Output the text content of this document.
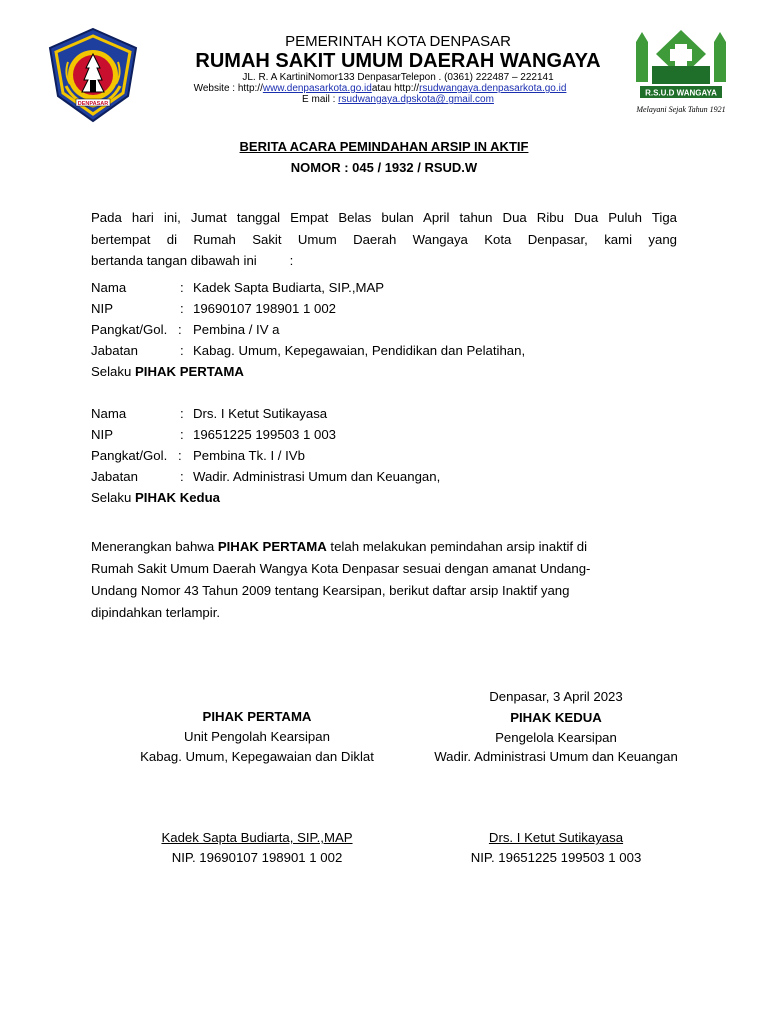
DENPASAR
R.S.U.D WANGAYA
Melayani Sejak Tahun 1921
PEMERINTAH KOTA DENPASAR
RUMAH SAKIT UMUM DAERAH WANGAYA
JL. R. A KartiniNomor133 DenpasarTelepon . (0361) 222487 – 222141
Website : http://www.denpasarkota.go.idatau http://rsudwangaya.denpasarkota.go.id
E mail : rsudwangaya.dpskota@.gmail.com
BERITA ACARA PEMINDAHAN ARSIP IN AKTIF
NOMOR : 045 / 1932 / RSUD.W
Pada hari ini, Jumat tanggal Empat Belas bulan April tahun Dua Ribu Dua Puluh Tiga
bertempat di Rumah Sakit Umum Daerah Wangaya Kota Denpasar, kami yang
bertanda tangan dibawah ini         :
Nama	: Kadek Sapta Budiarta, SIP.,MAP
NIP	: 19690107 198901 1 002
Pangkat/Gol. : Pembina / IV a
Jabatan	: Kabag. Umum, Kepegawaian, Pendidikan dan Pelatihan,
Selaku PIHAK PERTAMA
Nama	: Drs. I Ketut Sutikayasa
NIP	: 19651225 199503 1 003
Pangkat/Gol. : Pembina Tk. I / IVb
Jabatan	: Wadir. Administrasi Umum dan Keuangan,
Selaku PIHAK Kedua
Menerangkan bahwa PIHAK PERTAMA telah melakukan pemindahan arsip inaktif di
Rumah Sakit Umum Daerah Wangya Kota Denpasar sesuai dengan amanat Undang-
Undang Nomor 43 Tahun 2009 tentang Kearsipan, berikut daftar arsip Inaktif yang
dipindahkan terlampir.
Denpasar, 3 April 2023
PIHAK PERTAMA
Unit Pengolah Kearsipan
Kabag. Umum, Kepegawaian dan Diklat
Kadek Sapta Budiarta, SIP.,MAP
NIP. 19690107 198901 1 002
PIHAK KEDUA
Pengelola Kearsipan
Wadir. Administrasi Umum dan Keuangan
Drs. I Ketut Sutikayasa
NIP. 19651225 199503 1 003
